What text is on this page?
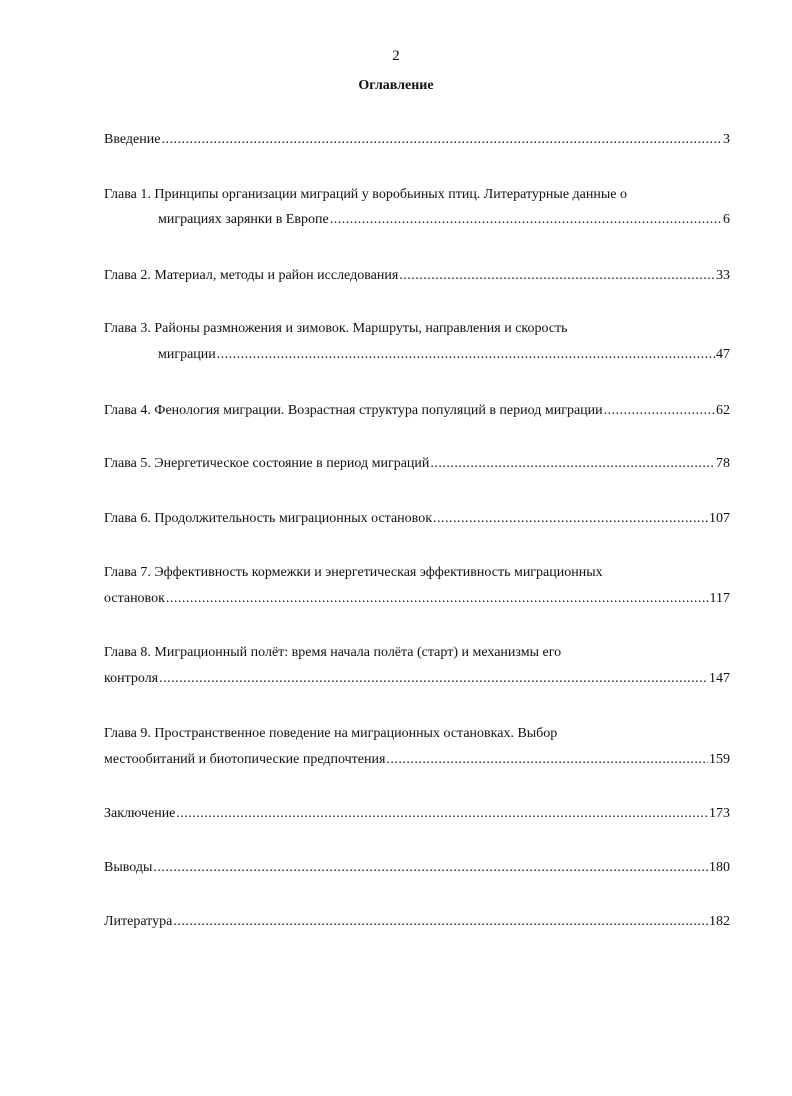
2
Оглавление
Введение .....	3
Глава 1. Принципы организации миграций у воробьиных птиц. Литературные данные о
миграциях зарянки в Европе .....	6
Глава 2. Материал, методы и район исследования .....	33
Глава 3. Районы размножения и зимовок. Маршруты, направления и скорость
миграции .....	47
Глава 4. Фенология миграции. Возрастная структура популяций в период миграции .....	62
Глава 5. Энергетическое состояние в период миграций .....	78
Глава 6. Продолжительность миграционных остановок .....	107
Глава 7. Эффективность кормежки и энергетическая эффективность миграционных
остановок .....	117
Глава 8. Миграционный полёт: время начала полёта (старт) и механизмы его
контроля .....	147
Глава 9. Пространственное поведение на миграционных остановках. Выбор
местообитаний и биотопические предпочтения .....	159
Заключение .....	173
Выводы .....	180
Литература .....	182
